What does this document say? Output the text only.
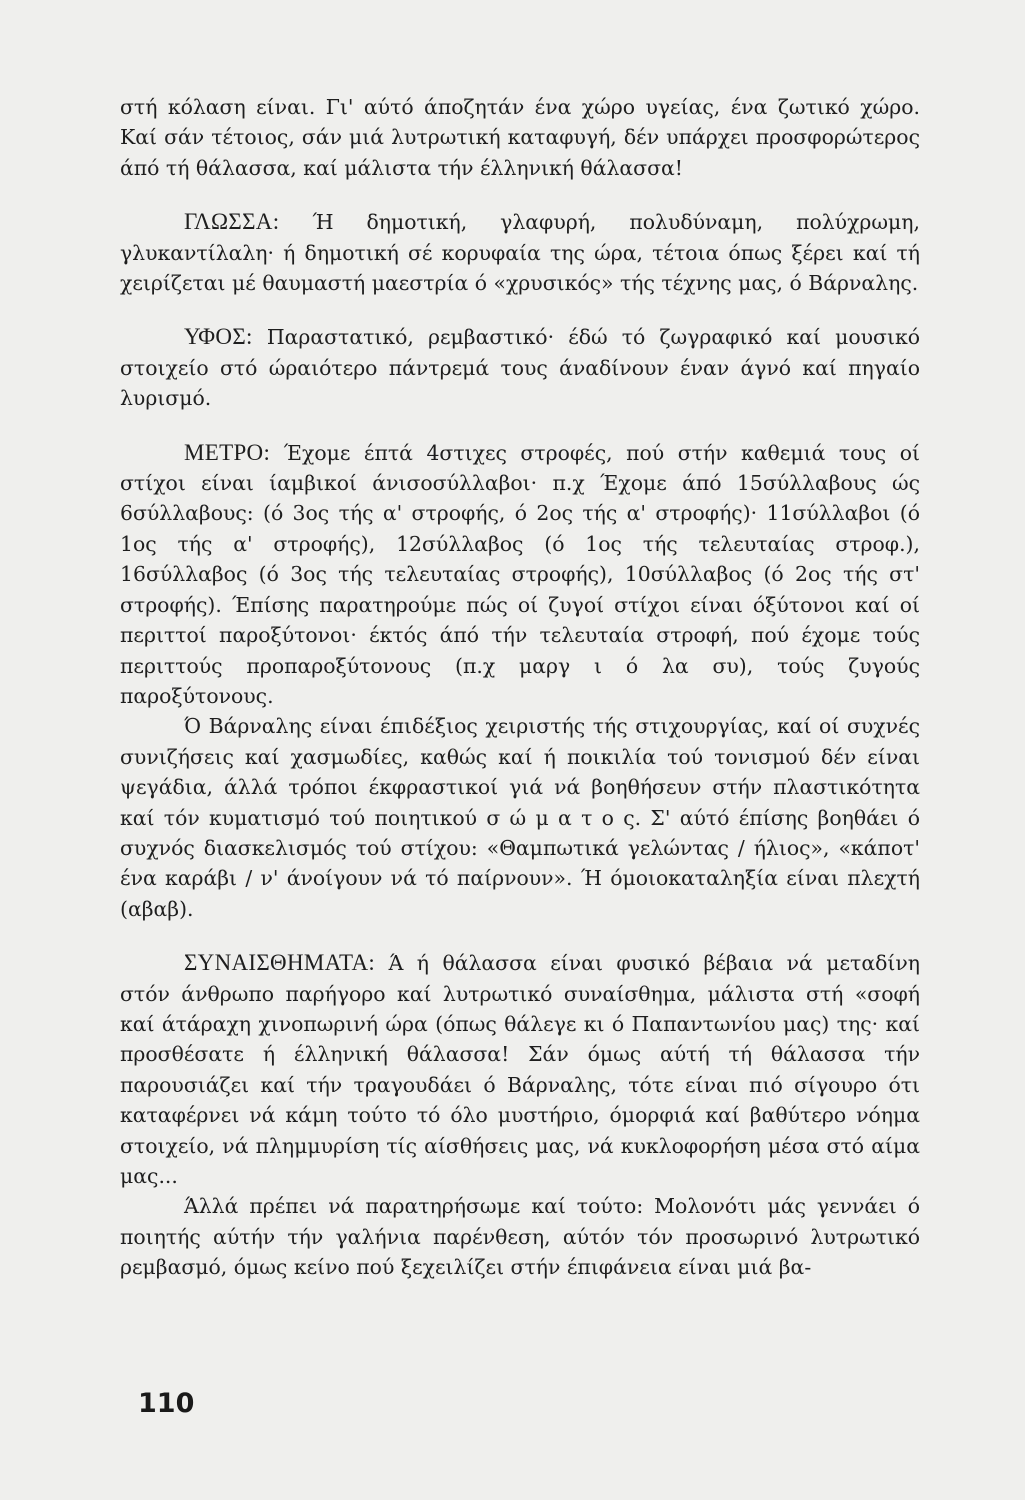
στή κόλαση είναι. Γι' αύτό άποζητάν ένα χώρο υγείας, ένα ζωτικό χώρο. Καί σάν τέτοιος, σάν μιά λυτρωτική καταφυγή, δέν υπάρχει προσφορώτερος άπό τή θάλασσα, καί μάλιστα τήν έλληνική θάλασσα!

ΓΛΩΣΣΑ: Ή δημοτική, γλαφυρή, πολυδύναμη, πολύχρωμη, γλυκαντίλαλη· ή δημοτική σέ κορυφαία της ώρα, τέτοια όπως ξέρει καί τή χειρίζεται μέ θαυμαστή μαεστρία ό «χρυσικός» τής τέχνης μας, ό Βάρναλης.

ΥΦΟΣ: Παραστατικό, ρεμβαστικό· έδώ τό ζωγραφικό καί μουσικό στοιχείο στό ώραιότερο πάντρεμά τους άναδίνουν έναν άγνό καί πηγαίο λυρισμό.

ΜΕΤΡΟ: Έχομε έπτά 4στιχες στροφές, πού στήν καθεμιά τους οί στίχοι είναι ίαμβικοί άνισοσύλλαβοι· π.χ Έχομε άπό 15σύλλαβους ώς 6σύλλαβους: (ό 3ος τής α' στροφής, ό 2ος τής α' στροφής)· 11σύλλαβοι (ό 1ος τής α' στροφής), 12σύλλαβος (ό 1ος τής τελευταίας στροφ.), 16σύλλαβος (ό 3ος τής τελευταίας στροφής), 10σύλλαβος (ό 2ος τής στ' στροφής). Έπίσης παρατηρούμε πώς οί ζυγοί στίχοι είναι όξύτονοι καί οί περιττοί παροξύτονοι· έκτός άπό τήν τελευταία στροφή, πού έχομε τούς περιττούς προπαροξύτονους (π.χ μαργ ι ό λα συ), τούς ζυγούς παροξύτονους.

Ό Βάρναλης είναι έπιδέξιος χειριστής τής στιχουργίας, καί οί συχνές συνιζήσεις καί χασμωδίες, καθώς καί ή ποικιλία τού τονισμού δέν είναι ψεγάδια, άλλά τρόποι έκφραστικοί γιά νά βοηθήσευν στήν πλαστικότητα καί τόν κυματισμό τού ποιητικού σ ώ μ α τ ο ς. Σ' αύτό έπίσης βοηθάει ό συχνός διασκελισμός τού στίχου: «Θαμπωτικά γελώντας / ήλιος», «κάποτ' ένα καράβι / ν' άνοίγουν νά τό παίρνουν». Ή όμοιοκαταληξία είναι πλεχτή (αβαβ).

ΣΥΝΑΙΣΘΗΜΑΤΑ: Ά ή θάλασσα είναι φυσικό βέβαια νά μεταδίνη στόν άνθρωπο παρήγορο καί λυτρωτικό συναίσθημα, μάλιστα στή «σοφή καί άτάραχη χινοπωρινή ώρα (όπως θάλεγε κι ό Παπαντωνίου μας) της· καί προσθέσατε ή έλληνική θάλασσα! Σάν όμως αύτή τή θάλασσα τήν παρουσιάζει καί τήν τραγουδάει ό Βάρναλης, τότε είναι πιό σίγουρο ότι καταφέρνει νά κάμη τούτο τό όλο μυστήριο, όμορφιά καί βαθύτερο νόημα στοιχείο, νά πλημμυρίση τίς αίσθήσεις μας, νά κυκλοφορήση μέσα στό αίμα μας...

Άλλά πρέπει νά παρατηρήσωμε καί τούτο: Μολονότι μάς γεννάει ό ποιητής αύτήν τήν γαλήνια παρένθεση, αύτόν τόν προσωρινό λυτρωτικό ρεμβασμό, όμως κείνο πού ξεχειλίζει στήν έπιφάνεια είναι μιά βα-

110
